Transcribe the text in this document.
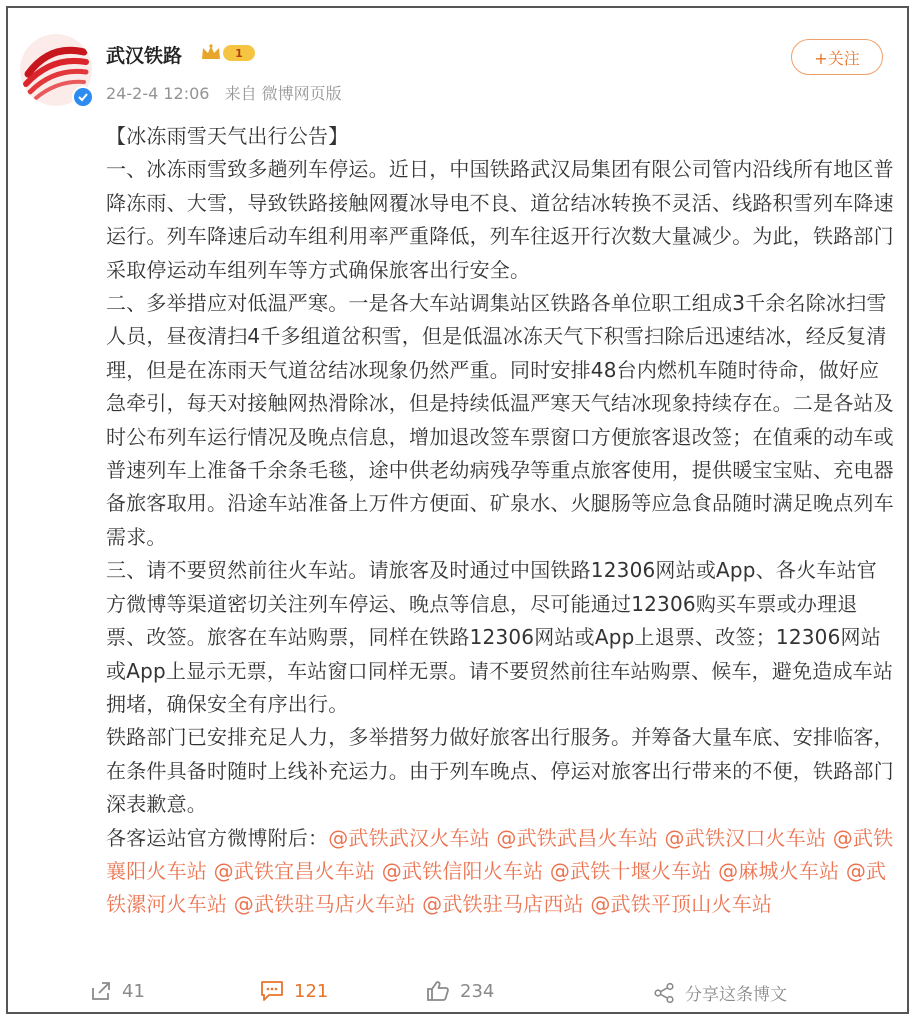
武汉铁路	1
24-2-4 12:06 来自 微博网页版
+关注

【冰冻雨雪天气出行公告】

一、冰冻雨雪致多趟列车停运。近日，中国铁路武汉局集团有限公司管内沿线所有地区普降冻雨、大雪，导致铁路接触网覆冰导电不良、道岔结冰转换不灵活、线路积雪列车降速运行。列车降速后动车组利用率严重降低，列车往返开行次数大量减少。为此，铁路部门采取停运动车组列车等方式确保旅客出行安全。

二、多举措应对低温严寒。一是各大车站调集站区铁路各单位职工组成3千余名除冰扫雪人员，昼夜清扫4千多组道岔积雪，但是低温冰冻天气下积雪扫除后迅速结冰，经反复清理，但是在冻雨天气道岔结冰现象仍然严重。同时安排48台内燃机车随时待命，做好应急牵引，每天对接触网热滑除冰，但是持续低温严寒天气结冰现象持续存在。二是各站及时公布列车运行情况及晚点信息，增加退改签车票窗口方便旅客退改签；在值乘的动车或普速列车上准备千余条毛毯，途中供老幼病残孕等重点旅客使用，提供暖宝宝贴、充电器备旅客取用。沿途车站准备上万件方便面、矿泉水、火腿肠等应急食品随时满足晚点列车需求。

三、请不要贸然前往火车站。请旅客及时通过中国铁路12306网站或App、各火车站官方微博等渠道密切关注列车停运、晚点等信息，尽可能通过12306购买车票或办理退票、改签。旅客在车站购票，同样在铁路12306网站或App上退票、改签；12306网站或App上显示无票，车站窗口同样无票。请不要贸然前往车站购票、候车，避免造成车站拥堵，确保安全有序出行。

铁路部门已安排充足人力，多举措努力做好旅客出行服务。并筹备大量车底、安排临客，在条件具备时随时上线补充运力。由于列车晚点、停运对旅客出行带来的不便，铁路部门深表歉意。

各客运站官方微博附后：@武铁武汉火车站 @武铁武昌火车站 @武铁汉口火车站 @武铁襄阳火车站 @武铁宜昌火车站 @武铁信阳火车站 @武铁十堰火车站 @麻城火车站 @武铁漯河火车站 @武铁驻马店火车站 @武铁驻马店西站 @武铁平顶山火车站

41	121	234	分享这条博文
